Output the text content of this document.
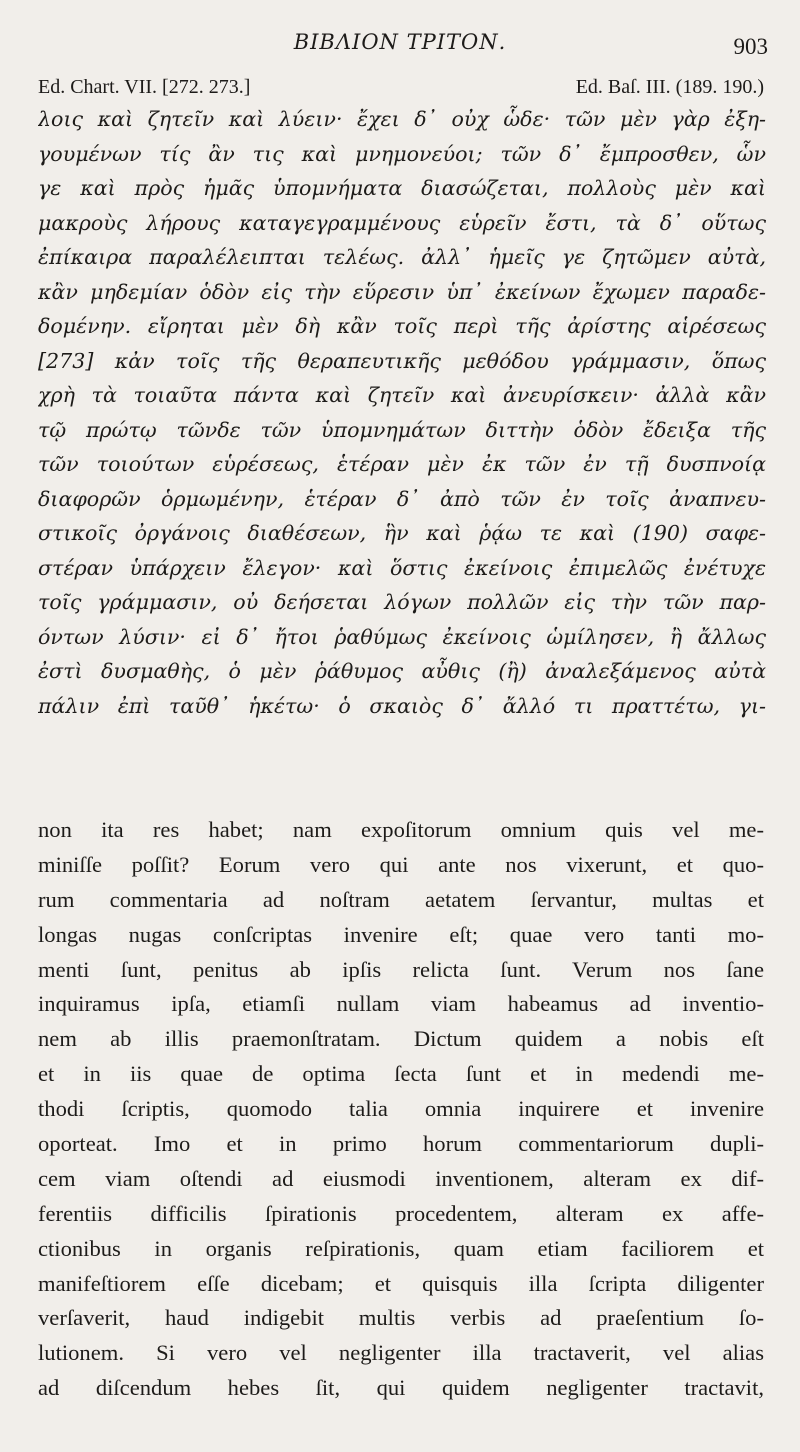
ΒΙΒΛΙΟΝ ΤΡΙΤΟΝ.	903
Ed. Chart. VII. [272. 273.]	Ed. Baſ. III. (189. 190.)
λοις καὶ ζητεῖν καὶ λύειν· ἔχει δ᾽ οὐχ ὧδε· τῶν μὲν γὰρ ἐξη-
γουμένων τίς ἂν τις καὶ μνημονεύοι; τῶν δ᾽ ἔμπροσθεν, ὧν
γε καὶ πρὸς ἡμᾶς ὑπομνήματα διασώζεται, πολλοὺς μὲν καὶ
μακροὺς λήρους καταγεγραμμένους εὑρεῖν ἔστι, τὰ δ᾽ οὕτως
ἐπίκαιρα παραλέλειπται τελέως. ἀλλ᾽ ἡμεῖς γε ζητῶμεν αὐτὰ,
κἂν μηδεμίαν ὁδὸν εἰς τὴν εὕρεσιν ὑπ᾽ ἐκείνων ἔχωμεν παραδε-
δομένην. εἴρηται μὲν δὴ κἂν τοῖς περὶ τῆς ἀρίστης αἱρέσεως
[273] κἀν τοῖς τῆς θεραπευτικῆς μεθόδου γράμμασιν, ὅπως
χρὴ τὰ τοιαῦτα πάντα καὶ ζητεῖν καὶ ἀνευρίσκειν· ἀλλὰ κἂν
τῷ πρώτῳ τῶνδε τῶν ὑπομνημάτων διττὴν ὁδὸν ἔδειξα τῆς
τῶν τοιούτων εὑρέσεως, ἑτέραν μὲν ἐκ τῶν ἐν τῇ δυσπνοίᾳ
διαφορῶν ὁρμωμένην, ἑτέραν δ᾽ ἀπὸ τῶν ἐν τοῖς ἀναπνευ-
στικοῖς ὀργάνοις διαθέσεων, ἣν καὶ ῥᾴω τε καὶ (190) σαφε-
στέραν ὑπάρχειν ἔλεγον· καὶ ὅστις ἐκείνοις ἐπιμελῶς ἐνέτυχε
τοῖς γράμμασιν, οὐ δεήσεται λόγων πολλῶν εἰς τὴν τῶν παρ-
όντων λύσιν· εἰ δ᾽ ἤτοι ῥαθύμως ἐκείνοις ὡμίλησεν, ἢ ἄλλως
ἐστὶ δυσμαθὴς, ὁ μὲν ῥάθυμος αὖθις (ἢ) ἀναλεξάμενος αὐτὰ
πάλιν ἐπὶ ταῦθ᾽ ἡκέτω· ὁ σκαιὸς δ᾽ ἄλλό τι πραττέτω, γι-
non ita res habet; nam expoſitorum omnium quis vel me-
miniſſe poſſit? Eorum vero qui ante nos vixerunt, et quo-
rum commentaria ad noſtram aetatem ſervantur, multas et
longas nugas conſcriptas invenire eſt; quae vero tanti mo-
menti ſunt, penitus ab ipſis relicta ſunt. Verum nos ſane
inquiramus ipſa, etiamſi nullam viam habeamus ad inventio-
nem ab illis praemonſtratam. Dictum quidem a nobis eſt
et in iis quae de optima ſecta ſunt et in medendi me-
thodi ſcriptis, quomodo talia omnia inquirere et invenire
oporteat. Imo et in primo horum commentariorum dupli-
cem viam oſtendi ad eiusmodi inventionem, alteram ex dif-
ferentiis difficilis ſpirationis procedentem, alteram ex affe-
ctionibus in organis reſpirationis, quam etiam faciliorem et
manifeſtiorem eſſe dicebam; et quisquis illa ſcripta diligenter
verſaverit, haud indigebit multis verbis ad praeſentium ſo-
lutionem. Si vero vel negligenter illa tractaverit, vel alias
ad diſcendum hebes ſit, qui quidem negligenter tractavit,
